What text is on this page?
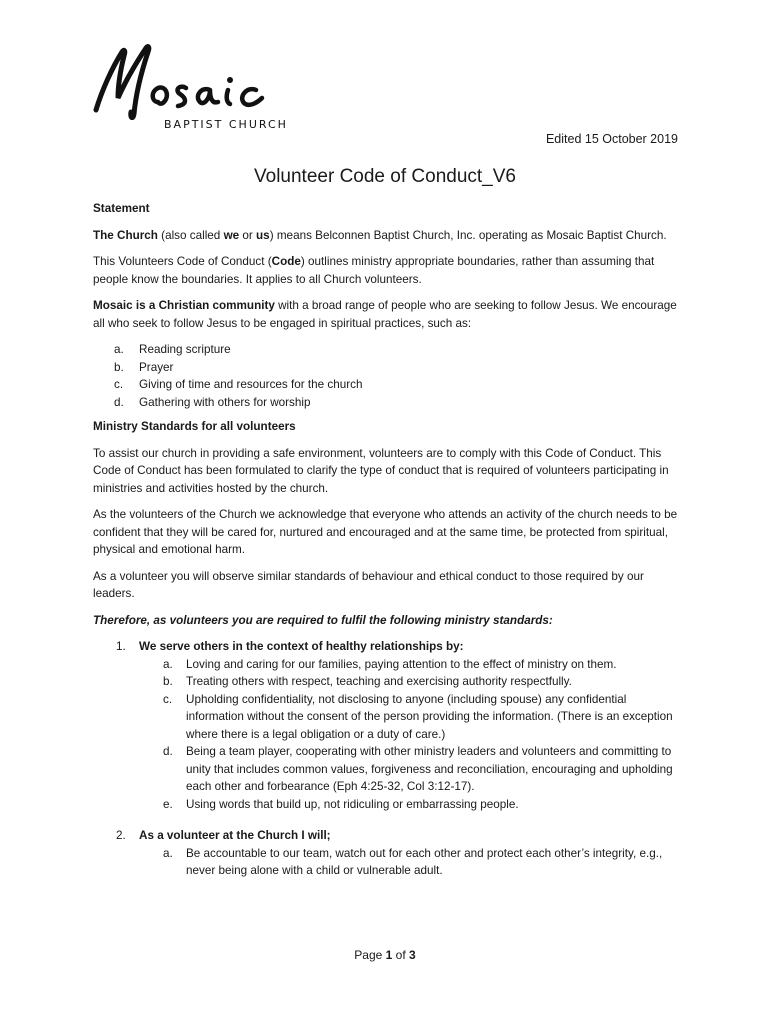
BAPTIST CHURCH
Edited 15 October 2019
Volunteer Code of Conduct_V6

Statement

The Church (also called we or us) means Belconnen Baptist Church, Inc. operating as Mosaic Baptist Church.

This Volunteers Code of Conduct (Code) outlines ministry appropriate boundaries, rather than assuming that people know the boundaries. It applies to all Church volunteers.

Mosaic is a Christian community with a broad range of people who are seeking to follow Jesus. We encourage all who seek to follow Jesus to be engaged in spiritual practices, such as:

a. Reading scripture
b. Prayer
c. Giving of time and resources for the church
d. Gathering with others for worship

Ministry Standards for all volunteers

To assist our church in providing a safe environment, volunteers are to comply with this Code of Conduct. This Code of Conduct has been formulated to clarify the type of conduct that is required of volunteers participating in ministries and activities hosted by the church.

As the volunteers of the Church we acknowledge that everyone who attends an activity of the church needs to be confident that they will be cared for, nurtured and encouraged and at the same time, be protected from spiritual, physical and emotional harm.

As a volunteer you will observe similar standards of behaviour and ethical conduct to those required by our leaders.

Therefore, as volunteers you are required to fulfil the following ministry standards:

1. We serve others in the context of healthy relationships by:
a. Loving and caring for our families, paying attention to the effect of ministry on them.
b. Treating others with respect, teaching and exercising authority respectfully.
c. Upholding confidentiality, not disclosing to anyone (including spouse) any confidential information without the consent of the person providing the information. (There is an exception where there is a legal obligation or a duty of care.)
d. Being a team player, cooperating with other ministry leaders and volunteers and committing to unity that includes common values, forgiveness and reconciliation, encouraging and upholding each other and forbearance (Eph 4:25-32, Col 3:12-17).
e. Using words that build up, not ridiculing or embarrassing people.
2. As a volunteer at the Church I will;
a. Be accountable to our team, watch out for each other and protect each other’s integrity, e.g., never being alone with a child or vulnerable adult.
Page 1 of 3
